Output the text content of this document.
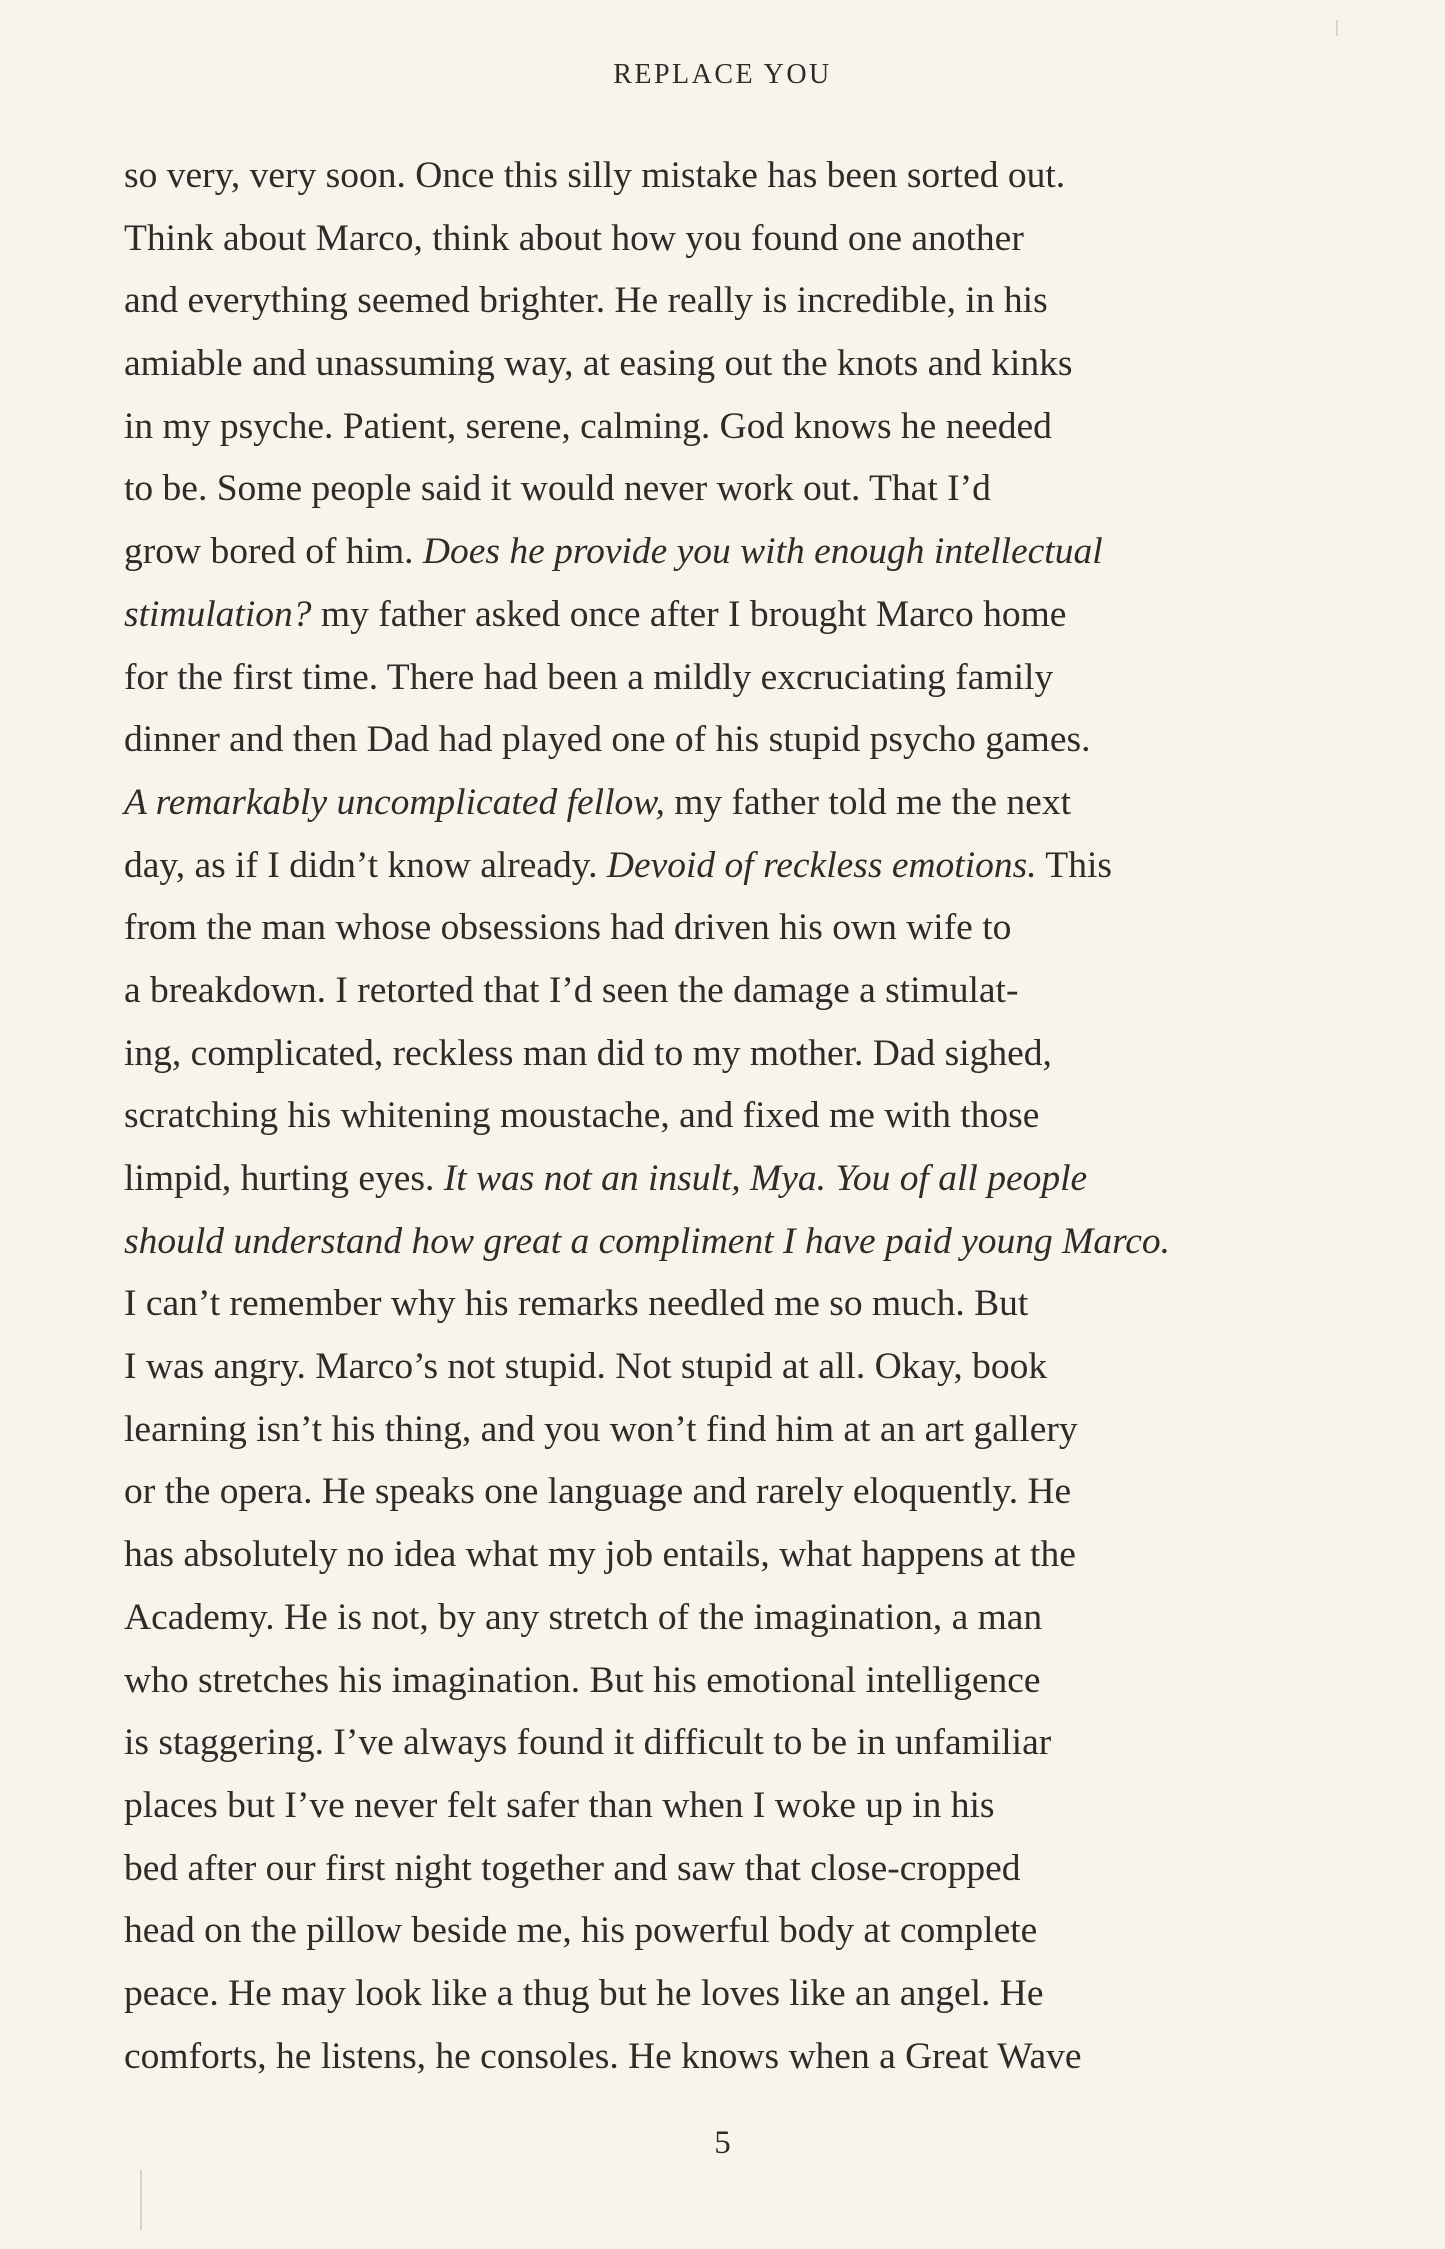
REPLACE YOU
so very, very soon. Once this silly mistake has been sorted out.
Think about Marco, think about how you found one another
and everything seemed brighter. He really is incredible, in his
amiable and unassuming way, at easing out the knots and kinks
in my psyche. Patient, serene, calming. God knows he needed
to be. Some people said it would never work out. That I’d
grow bored of him. Does he provide you with enough intellectual
stimulation? my father asked once after I brought Marco home
for the first time. There had been a mildly excruciating family
dinner and then Dad had played one of his stupid psycho games.
A remarkably uncomplicated fellow, my father told me the next
day, as if I didn’t know already. Devoid of reckless emotions. This
from the man whose obsessions had driven his own wife to
a breakdown. I retorted that I’d seen the damage a stimulat-
ing, complicated, reckless man did to my mother. Dad sighed,
scratching his whitening moustache, and fixed me with those
limpid, hurting eyes. It was not an insult, Mya. You of all people
should understand how great a compliment I have paid young Marco.
I can’t remember why his remarks needled me so much. But
I was angry. Marco’s not stupid. Not stupid at all. Okay, book
learning isn’t his thing, and you won’t find him at an art gallery
or the opera. He speaks one language and rarely eloquently. He
has absolutely no idea what my job entails, what happens at the
Academy. He is not, by any stretch of the imagination, a man
who stretches his imagination. But his emotional intelligence
is staggering. I’ve always found it difficult to be in unfamiliar
places but I’ve never felt safer than when I woke up in his
bed after our first night together and saw that close-cropped
head on the pillow beside me, his powerful body at complete
peace. He may look like a thug but he loves like an angel. He
comforts, he listens, he consoles. He knows when a Great Wave
5
